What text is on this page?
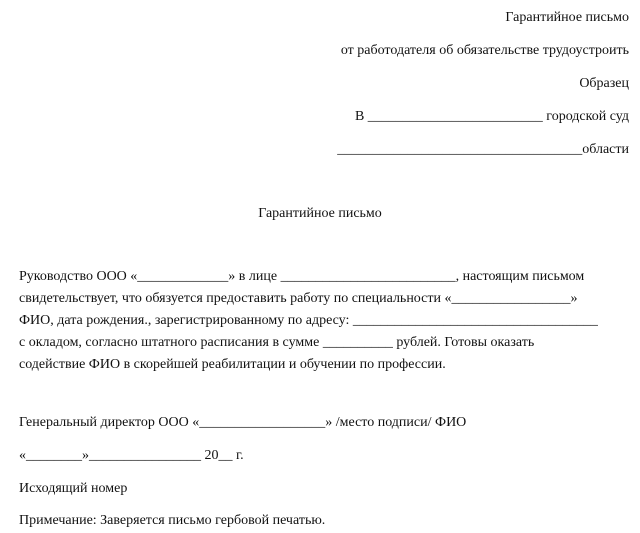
Гарантийное письмо
от работодателя об обязательстве трудоустроить
Образец
В _________________________ городской суд
___________________________________области
Гарантийное письмо
Руководство ООО «_____________» в лице _________________________, настоящим письмом
свидетельствует, что обязуется предоставить работу по специальности «_________________»
ФИО, дата рождения., зарегистрированному по адресу: ___________________________________
с окладом, согласно штатного расписания в сумме __________ рублей. Готовы оказать
содействие ФИО в скорейшей реабилитации и обучении по профессии.
Генеральный директор ООО «__________________» /место подписи/ ФИО
«________»________________ 20__ г.
Исходящий номер
Примечание: Заверяется письмо гербовой печатью.
